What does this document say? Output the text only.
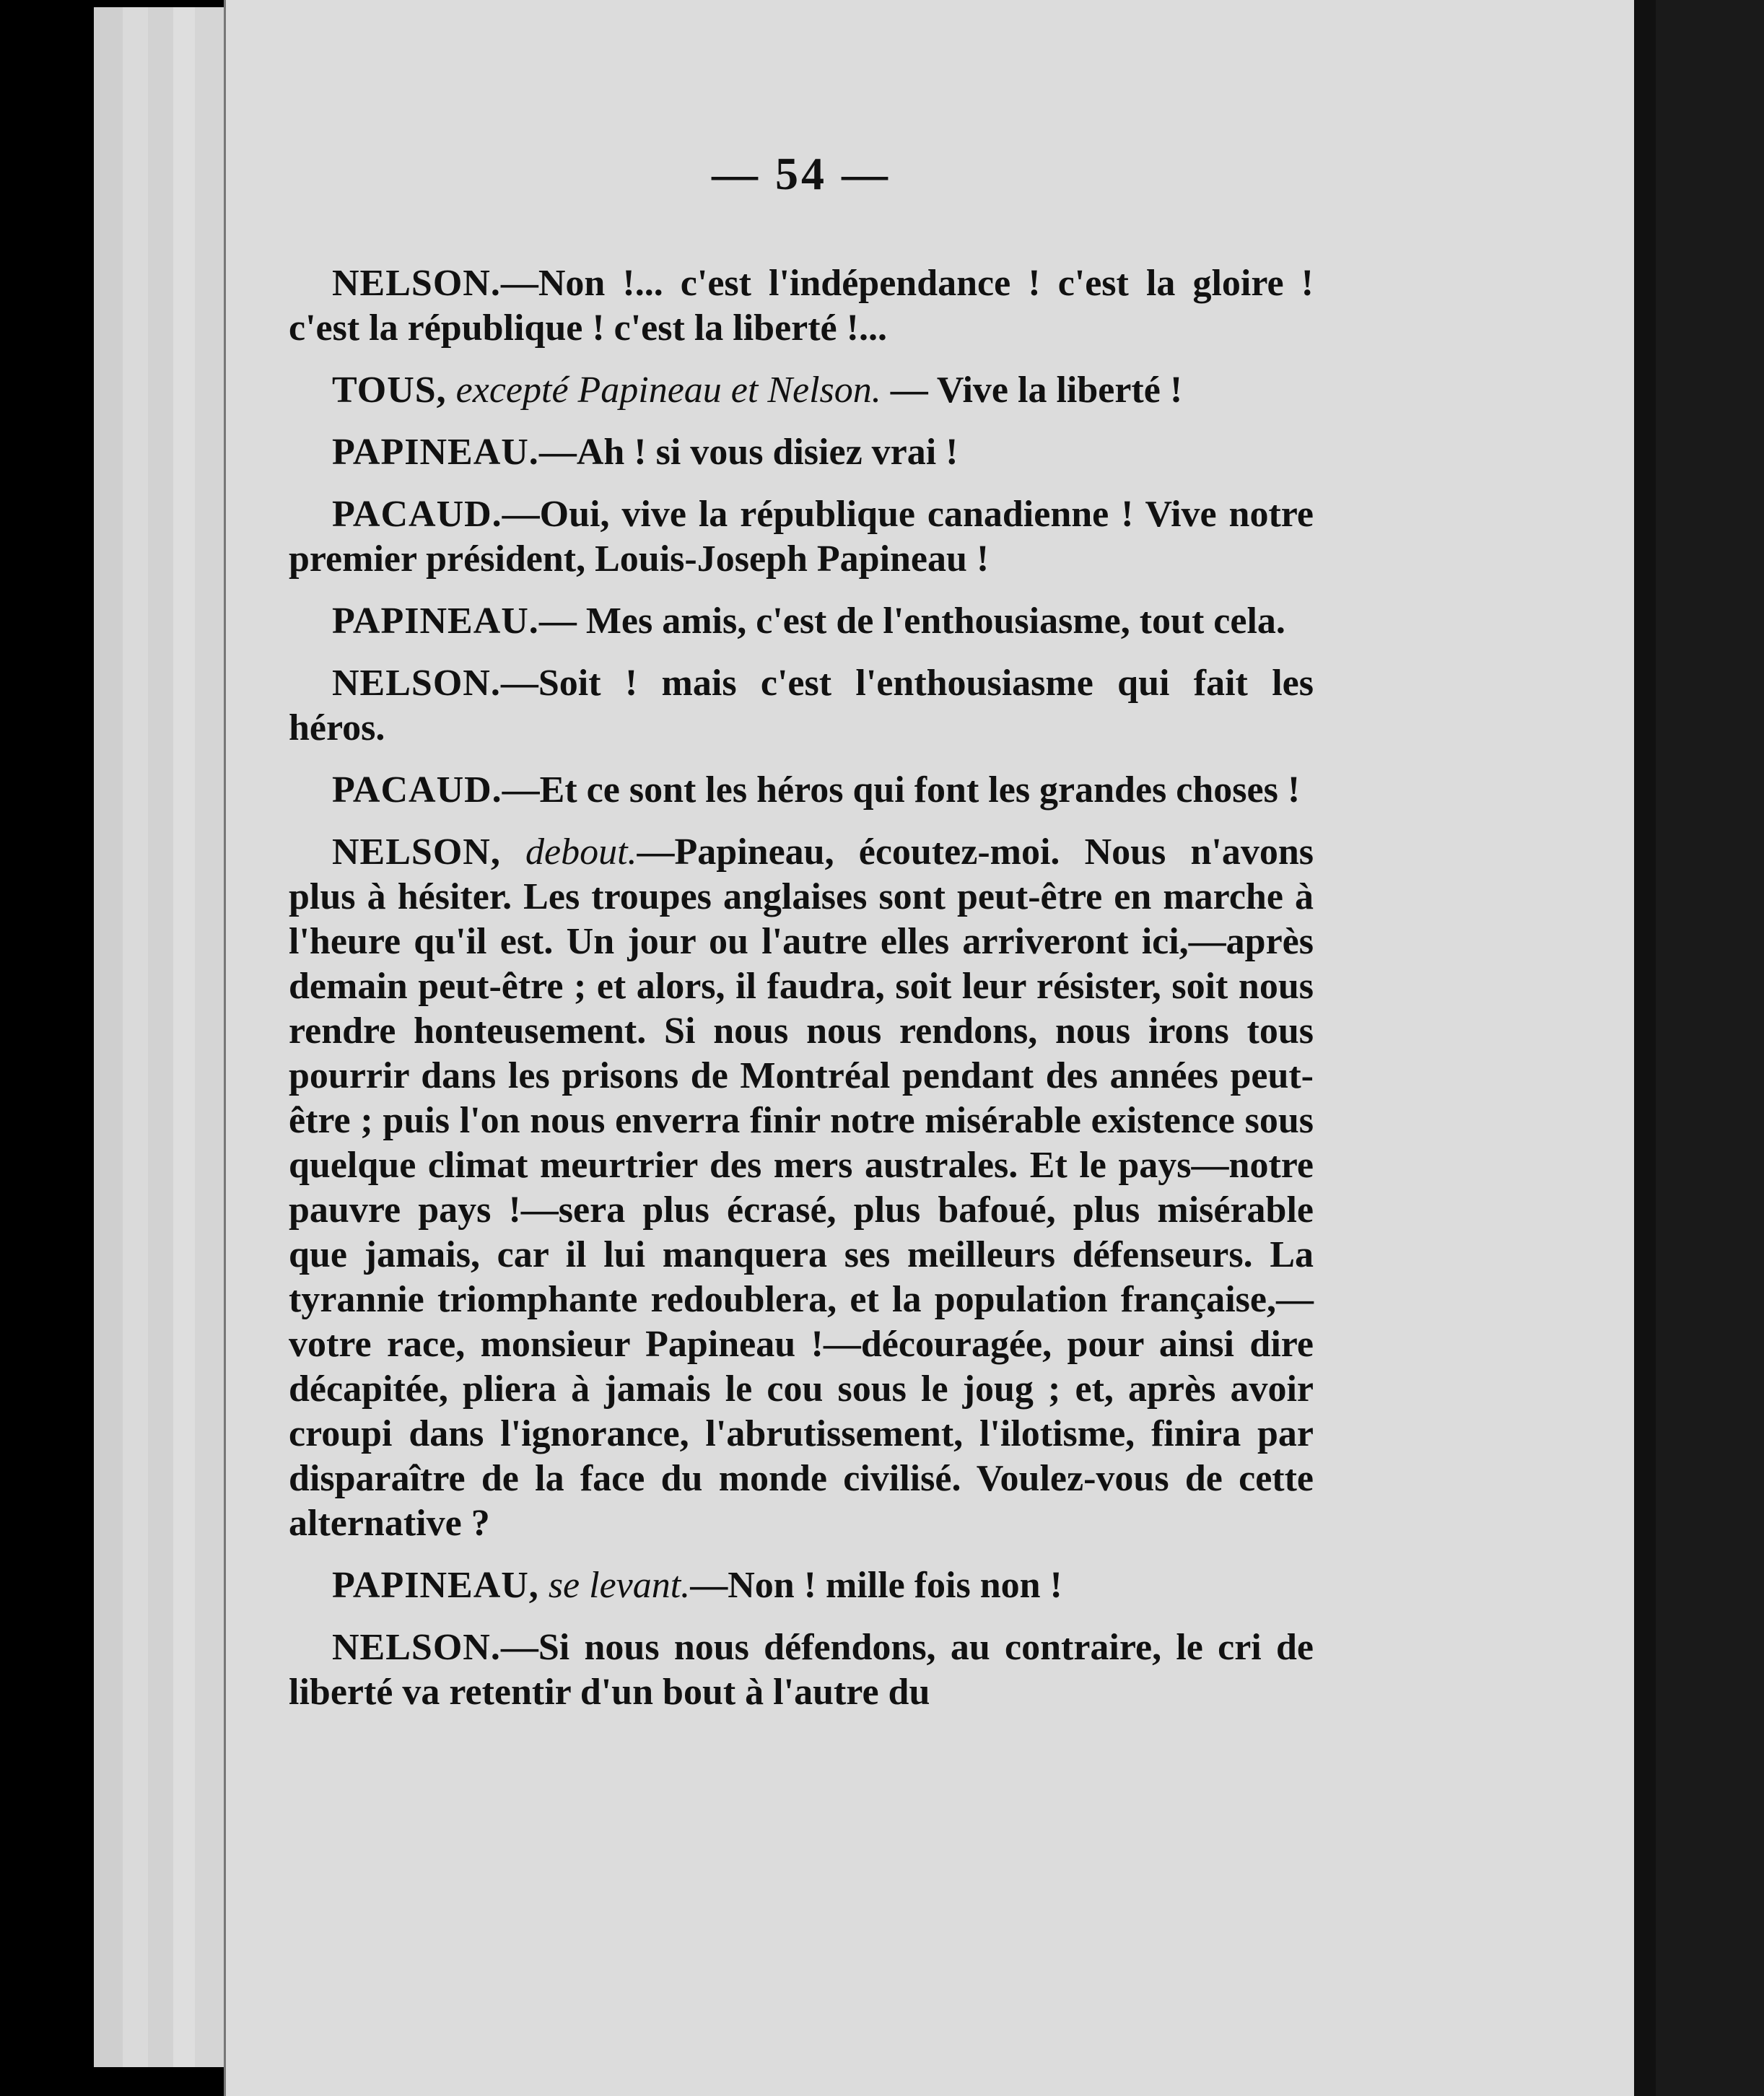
— 54 —

NELSON.—Non !... c'est l'indépendance ! c'est la gloire ! c'est la république ! c'est la liberté !...

TOUS, excepté Papineau et Nelson. — Vive la liberté !

PAPINEAU.—Ah ! si vous disiez vrai !

PACAUD.—Oui, vive la république canadienne ! Vive notre premier président, Louis-Joseph Papineau !

PAPINEAU.— Mes amis, c'est de l'enthousiasme, tout cela.

NELSON.—Soit ! mais c'est l'enthousiasme qui fait les héros.

PACAUD.—Et ce sont les héros qui font les grandes choses !

NELSON, debout.—Papineau, écoutez-moi. Nous n'avons plus à hésiter. Les troupes anglaises sont peut-être en marche à l'heure qu'il est. Un jour ou l'autre elles arriveront ici,—après demain peut-être ; et alors, il faudra, soit leur résister, soit nous rendre honteusement. Si nous nous rendons, nous irons tous pourrir dans les prisons de Montréal pendant des années peut-être ; puis l'on nous enverra finir notre misérable existence sous quelque climat meurtrier des mers australes. Et le pays—notre pauvre pays !—sera plus écrasé, plus bafoué, plus misérable que jamais, car il lui manquera ses meilleurs défenseurs. La tyrannie triomphante redoublera, et la population française,—votre race, monsieur Papineau !—découragée, pour ainsi dire décapitée, pliera à jamais le cou sous le joug ; et, après avoir croupi dans l'ignorance, l'abrutissement, l'ilotisme, finira par disparaître de la face du monde civilisé. Voulez-vous de cette alternative ?

PAPINEAU, se levant.—Non ! mille fois non !

NELSON.—Si nous nous défendons, au contraire, le cri de liberté va retentir d'un bout à l'autre du
